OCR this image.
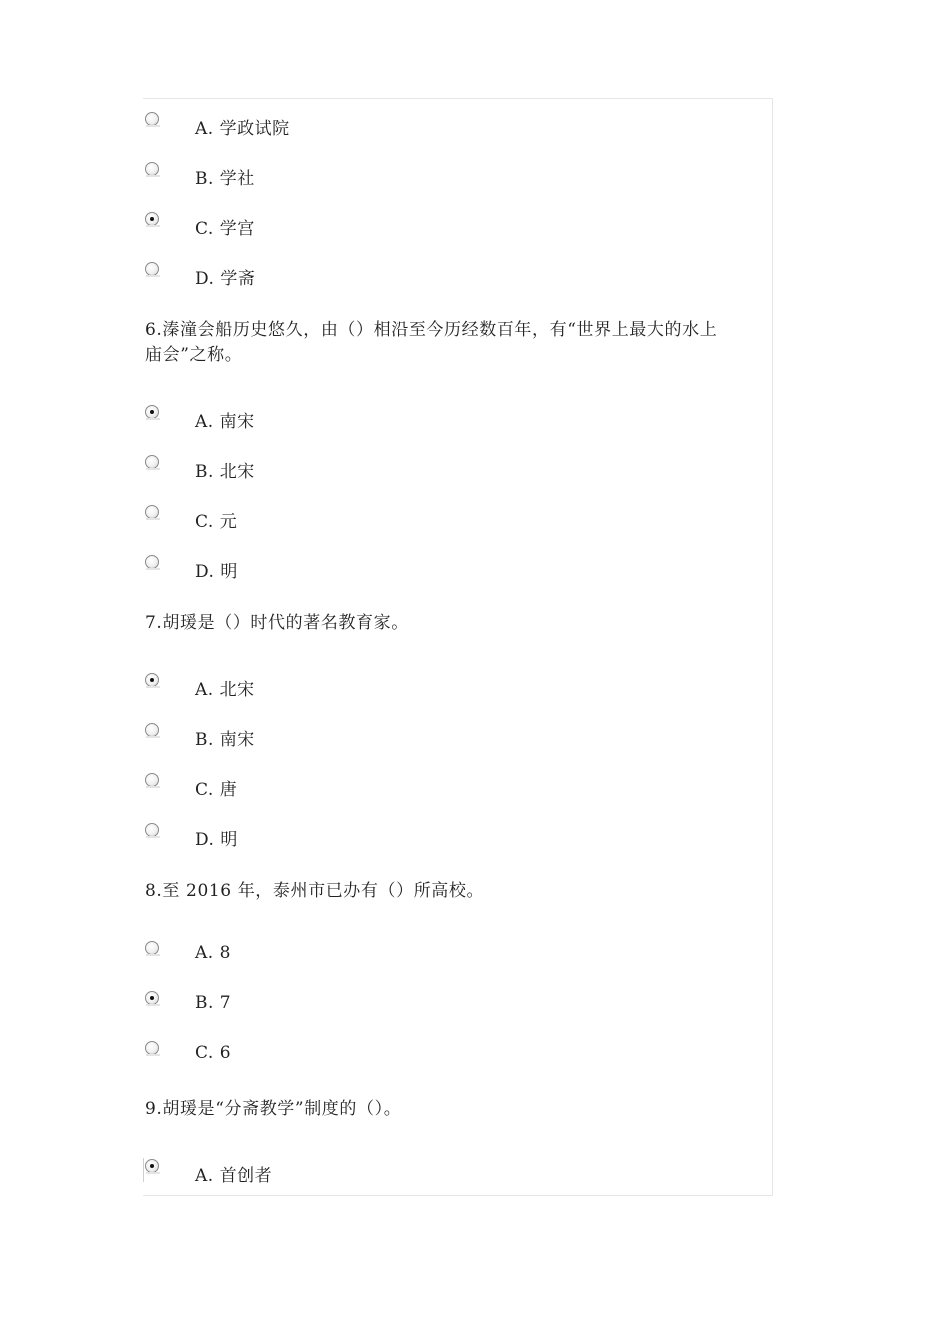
A. 学政试院
B. 学社
C. 学宫
D. 学斋
6.溱潼会船历史悠久，由（）相沿至今历经数百年，有“世界上最大的水上
庙会”之称。
A. 南宋
B. 北宋
C. 元
D. 明
7.胡瑗是（）时代的著名教育家。
A. 北宋
B. 南宋
C. 唐
D. 明
8.至 2016 年，泰州市已办有（）所高校。
A. 8
B. 7
C. 6
9.胡瑗是“分斋教学”制度的（）。
A. 首创者
